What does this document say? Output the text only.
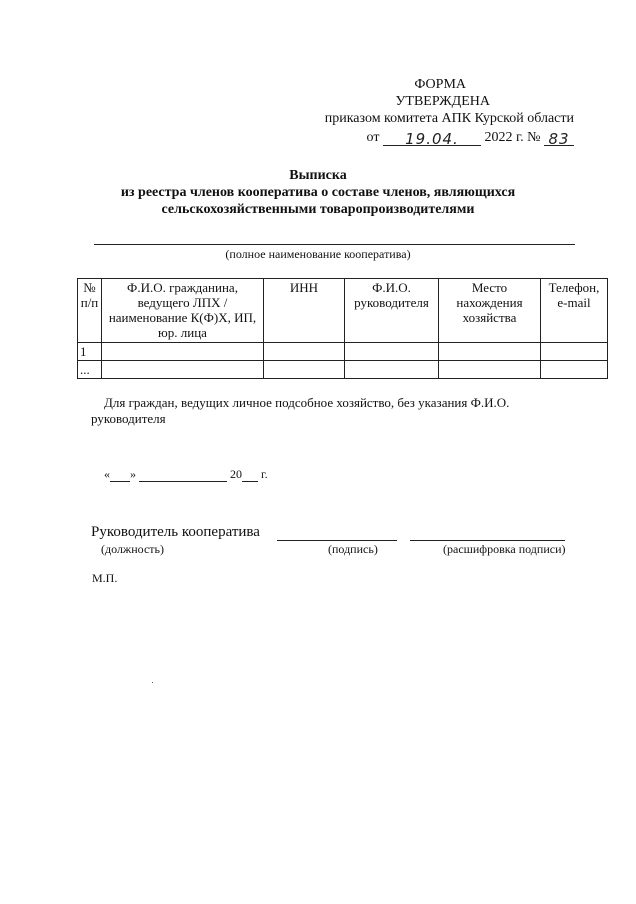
ФОРМА
УТВЕРЖДЕНА
приказом комитета АПК Курской области
от 19.04. 2022 г. № 83
Выписка
из реестра членов кооператива о составе членов, являющихся
сельскохозяйственными товаропроизводителями
(полное наименование кооператива)
№ п/п	Ф.И.О. гражданина, ведущего ЛПХ / наименование К(Ф)Х, ИП, юр. лица	ИНН	Ф.И.О. руководителя	Место нахождения хозяйства	Телефон, e-mail
1					
...					
Для граждан, ведущих личное подсобное хозяйство, без указания Ф.И.О.
руководителя
« »	20 г.
Руководитель кооператива
(должность)	(подпись)	(расшифровка подписи)
М.П.
